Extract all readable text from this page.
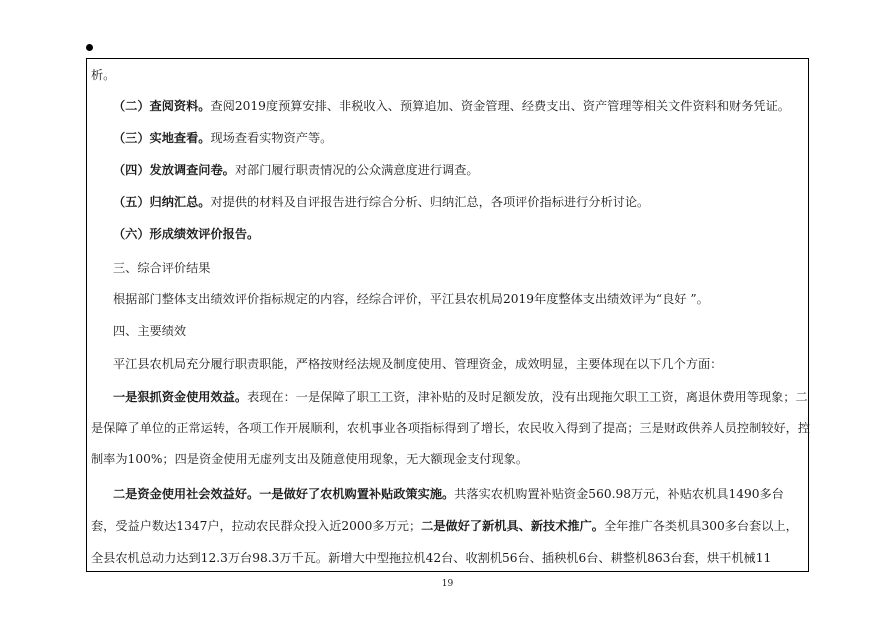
析。
（二）查阅资料。查阅2019度预算安排、非税收入、预算追加、资金管理、经费支出、资产管理等相关文件资料和财务凭证。
（三）实地查看。现场查看实物资产等。
（四）发放调查问卷。对部门履行职责情况的公众满意度进行调查。
（五）归纳汇总。对提供的材料及自评报告进行综合分析、归纳汇总，各项评价指标进行分析讨论。
（六）形成绩效评价报告。
三、综合评价结果
根据部门整体支出绩效评价指标规定的内容，经综合评价，平江县农机局2019年度整体支出绩效评为“良好 ”。
四、主要绩效
平江县农机局充分履行职责职能，严格按财经法规及制度使用、管理资金，成效明显，主要体现在以下几个方面：
一是狠抓资金使用效益。表现在：一是保障了职工工资，津补贴的及时足额发放，没有出现拖欠职工工资，离退休费用等现象；二
是保障了单位的正常运转，各项工作开展顺利，农机事业各项指标得到了增长，农民收入得到了提高；三是财政供养人员控制较好，控
制率为100%；四是资金使用无虚列支出及随意使用现象，无大额现金支付现象。
二是资金使用社会效益好。一是做好了农机购置补贴政策实施。共落实农机购置补贴资金560.98万元，补贴农机具1490多台
套，受益户数达1347户，拉动农民群众投入近2000多万元；二是做好了新机具、新技术推广。全年推广各类机具300多台套以上，
全县农机总动力达到12.3万台98.3万千瓦。新增大中型拖拉机42台、收割机56台、插秧机6台、耕整机863台套，烘干机械11
19
